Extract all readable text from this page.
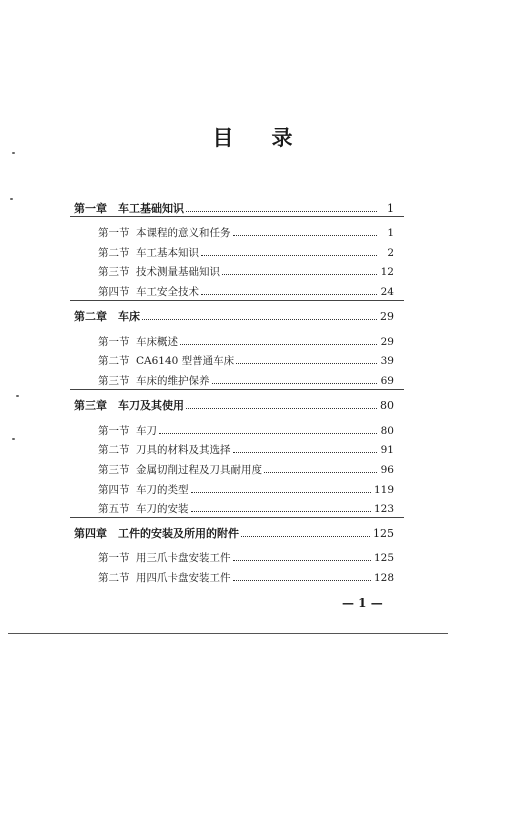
目 录
第一章	车工基础知识	1
第一节 本课程的意义和任务	1
第二节 车工基本知识	2
第三节 技术测量基础知识	12
第四节 车工安全技术	24
第二章	车床	29
第一节 车床概述	29
第二节 CA6140 型普通车床	39
第三节 车床的维护保养	69
第三章	车刀及其使用	80
第一节 车刀	80
第二节 刀具的材料及其选择	91
第三节 金属切削过程及刀具耐用度	96
第四节 车刀的类型	119
第五节 车刀的安装	123
第四章	工件的安装及所用的附件	125
第一节 用三爪卡盘安装工件	125
第二节 用四爪卡盘安装工件	128
— 1 —
